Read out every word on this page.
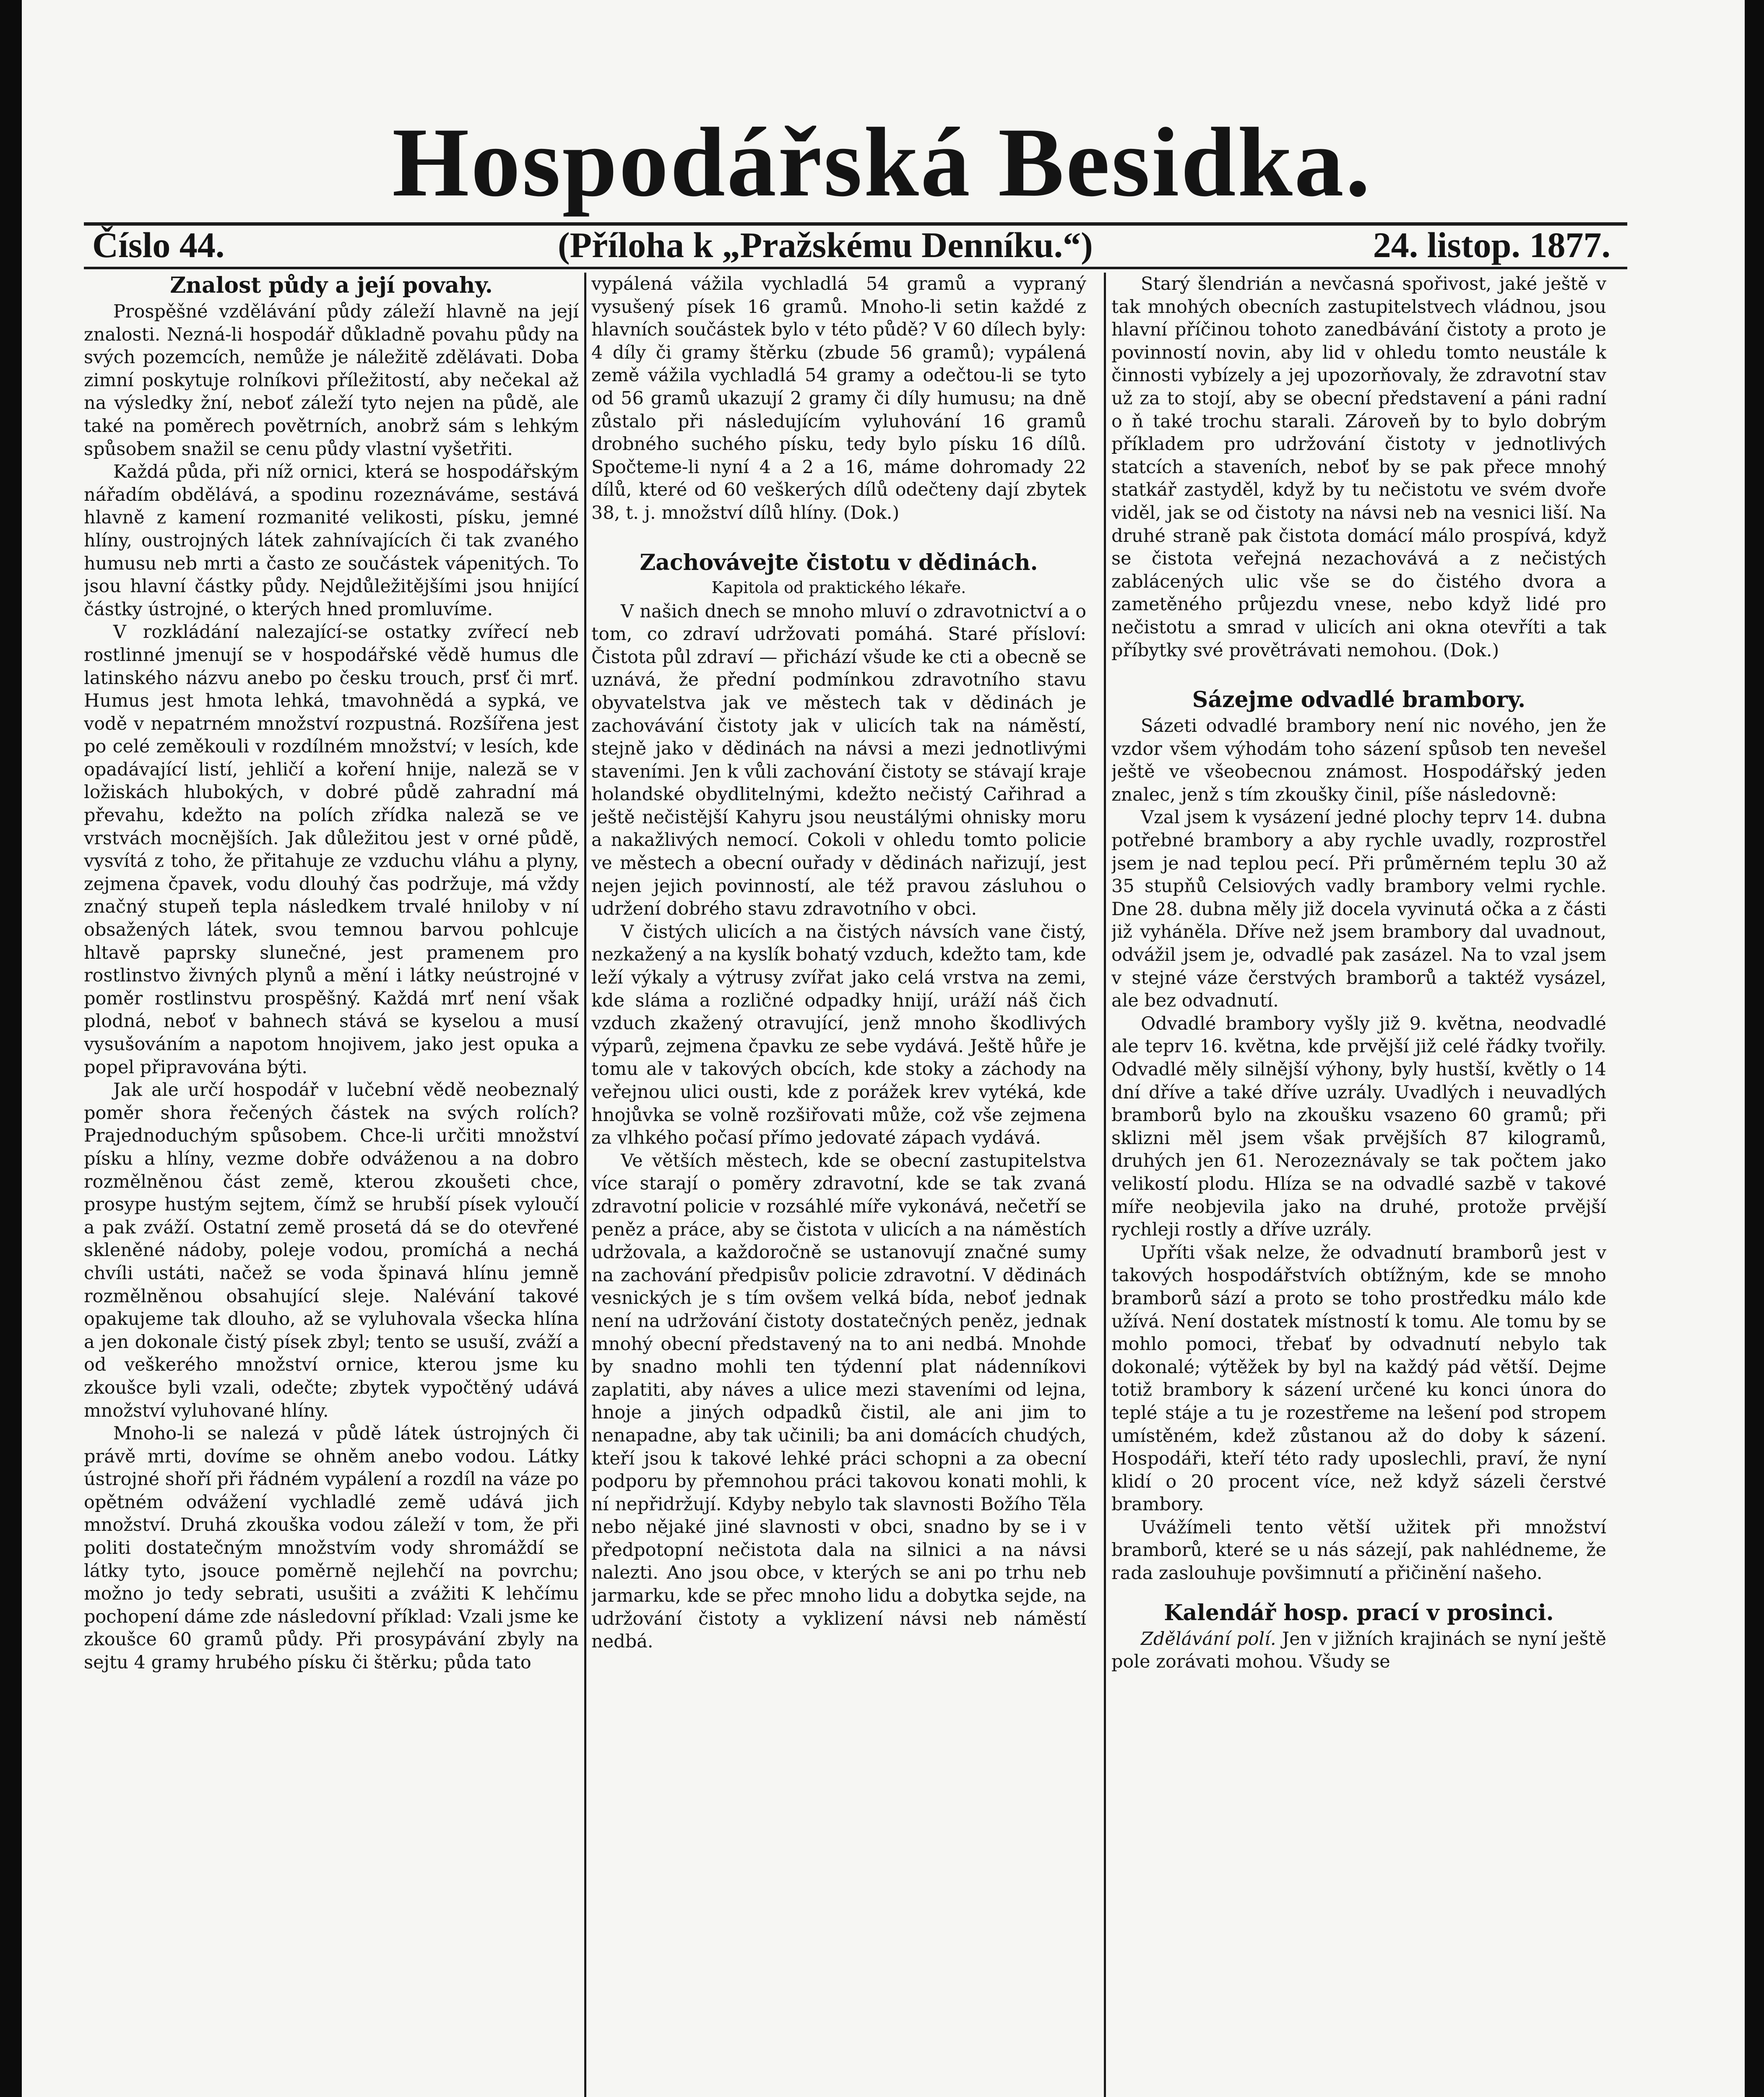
Hospodářská Besidka.
Číslo 44.	(Příloha k „Pražskému Denníku.“)	24. listop. 1877.
Znalost půdy a její povahy.

Prospěšné vzdělávání půdy záleží hlavně na její znalosti. Nezná-li hospodář důkladně povahu půdy na svých pozemcích, nemůže je náležitě zdělávati. Doba zimní poskytuje rolníkovi příležitostí, aby nečekal až na výsledky žní, neboť záleží tyto nejen na půdě, ale také na poměrech povětrních, anobrž sám s lehkým spůsobem snažil se cenu půdy vlastní vyšetřiti.

Každá půda, při níž ornici, která se hospodářským nářadím obdělává, a spodinu rozeznáváme, sestává hlavně z kamení rozmanité velikosti, písku, jemné hlíny, oustrojných látek zahnívajících či tak zvaného humusu neb mrti a často ze součástek vápenitých. To jsou hlavní částky půdy. Nejdůležitějšími jsou hnijící částky ústrojné, o kterých hned promluvíme.

V rozkládání nalezající-se ostatky zvířecí neb rostlinné jmenují se v hospodářské vědě humus dle latinského názvu anebo po česku trouch, prsť či mrť. Humus jest hmota lehká, tmavohnědá a sypká, ve vodě v nepatrném množství rozpustná. Rozšířena jest po celé zeměkouli v rozdílném množství; v lesích, kde opadávající listí, jehličí a koření hnije, naleză se v ložiskách hlubokých, v dobré půdě zahradní má převahu, kdežto na polích zřídka naleză se ve vrstvách mocnějších. Jak důležitou jest v orné půdě, vysvítá z toho, že přitahuje ze vzduchu vláhu a plyny, zejmena čpavek, vodu dlouhý čas podržuje, má vždy značný stupeň tepla následkem trvalé hniloby v ní obsažených látek, svou temnou barvou pohlcuje hltavě paprsky slunečné, jest pramenem pro rostlinstvo živných plynů a mění i látky neústrojné v poměr rostlinstvu prospěšný. Každá mrť není však plodná, neboť v bahnech stává se kyselou a musí vysušováním a napotom hnojivem, jako jest opuka a popel připravována býti.

Jak ale určí hospodář v lučební vědě neobeznalý poměr shora řečených částek na svých rolích? Prajednoduchým spůsobem. Chce-li určiti množství písku a hlíny, vezme dobře odváženou a na dobro rozmělněnou část země, kterou zkoušeti chce, prosype hustým sejtem, čímž se hrubší písek vyloučí a pak zváží. Ostatní země prosetá dá se do otevřené skleněné nádoby, poleje vodou, promíchá a nechá chvíli ustáti, načež se voda špinavá hlínu jemně rozmělněnou obsahující sleje. Nalévání takové opakujeme tak dlouho, až se vyluhovala všecka hlína a jen dokonale čistý písek zbyl; tento se usuší, zváží a od veškerého množství ornice, kterou jsme ku zkoušce byli vzali, odečte; zbytek vypočtěný udává množství vyluhované hlíny.

Mnoho-li se nalezá v půdě látek ústrojných či právě mrti, dovíme se ohněm anebo vodou. Látky ústrojné shoří při řádném vypálení a rozdíl na váze po opětném odvážení vychladlé země udává jich množství. Druhá zkouška vodou záleží v tom, že při politi dostatečným množstvím vody shromáždí se látky tyto, jsouce poměrně nejlehčí na povrchu; možno jo tedy sebrati, usušiti a zvážiti K lehčímu pochopení dáme zde následovní příklad: Vzali jsme ke zkoušce 60 gramů půdy. Při prosypávání zbyly na sejtu 4 gramy hrubého písku či štěrku; půda tato

vypálená vážila vychladlá 54 gramů a vypraný vysušený písek 16 gramů. Mnoho-li setin každé z hlavních součástek bylo v této půdě? V 60 dílech byly: 4 díly či gramy štěrku (zbude 56 gramů); vypálená země vážila vychladlá 54 gramy a odečtou-li se tyto od 56 gramů ukazují 2 gramy či díly humusu; na dně zůstalo při následujícím vyluhování 16 gramů drobného suchého písku, tedy bylo písku 16 dílů. Spočteme-li nyní 4 a 2 a 16, máme dohromady 22 dílů, které od 60 veškerých dílů odečteny dají zbytek 38, t. j. množství dílů hlíny. (Dok.)

Zachovávejte čistotu v dědinách.
Kapitola od praktického lékaře.

V našich dnech se mnoho mluví o zdravotnictví a o tom, co zdraví udržovati pomáhá. Staré přísloví: Čistota půl zdraví — přichází všude ke cti a obecně se uznává, že přední podmínkou zdravotního stavu obyvatelstva jak ve městech tak v dědinách je zachovávání čistoty jak v ulicích tak na náměstí, stejně jako v dědinách na návsi a mezi jednotlivými staveními. Jen k vůli zachování čistoty se stávají kraje holandské obydlitelnými, kdežto nečistý Cařihrad a ještě nečistější Kahyru jsou neustálými ohnisky moru a nakažlivých nemocí. Cokoli v ohledu tomto policie ve městech a obecní ouřady v dědinách nařizují, jest nejen jejich povinností, ale též pravou zásluhou o udržení dobrého stavu zdravotního v obci.

V čistých ulicích a na čistých návsích vane čistý, nezkažený a na kyslík bohatý vzduch, kdežto tam, kde leží výkaly a výtrusy zvířat jako celá vrstva na zemi, kde sláma a rozličné odpadky hnijí, uráží náš čich vzduch zkažený otravující, jenž mnoho škodlivých výparů, zejmena čpavku ze sebe vydává. Ještě hůře je tomu ale v takových obcích, kde stoky a záchody na veřejnou ulici ousti, kde z porážek krev vytéká, kde hnojůvka se volně rozšiřovati může, což vše zejmena za vlhkého počasí přímo jedovaté zápach vydává.

Ve větších městech, kde se obecní zastupitelstva více starají o poměry zdravotní, kde se tak zvaná zdravotní policie v rozsáhlé míře vykonává, nečetří se peněz a práce, aby se čistota v ulicích a na náměstích udržovala, a každoročně se ustanovují značné sumy na zachování předpisův policie zdravotní. V dědinách vesnických je s tím ovšem velká bída, neboť jednak není na udržování čistoty dostatečných peněz, jednak mnohý obecní představený na to ani nedbá. Mnohde by snadno mohli ten týdenní plat nádenníkovi zaplatiti, aby náves a ulice mezi staveními od lejna, hnoje a jiných odpadků čistil, ale ani jim to nenapadne, aby tak učinili; ba ani domácích chudých, kteří jsou k takové lehké práci schopni a za obecní podporu by přemnohou práci takovou konati mohli, k ní nepřidržují. Kdyby nebylo tak slavnosti Božího Těla nebo nějaké jiné slavnosti v obci, snadno by se i v předpotopní nečistota dala na silnici a na návsi nalezti. Ano jsou obce, v kterých se ani po trhu neb jarmarku, kde se přec mnoho lidu a dobytka sejde, na udržování čistoty a vyklizení návsi neb náměstí nedbá.

Starý šlendrián a nevčasná spořivost, jaké ještě v tak mnohých obecních zastupitelstvech vládnou, jsou hlavní příčinou tohoto zanedbávání čistoty a proto je povinností novin, aby lid v ohledu tomto neustále k činnosti vybízely a jej upozorňovaly, že zdravotní stav už za to stojí, aby se obecní představení a páni radní o ň také trochu starali. Zároveň by to bylo dobrým příkladem pro udržování čistoty v jednotlivých statcích a staveních, neboť by se pak přece mnohý statkář zastyděl, když by tu nečistotu ve svém dvoře viděl, jak se od čistoty na návsi neb na vesnici liší. Na druhé straně pak čistota domácí málo prospívá, když se čistota veřejná nezachovává a z nečistých zablácených ulic vše se do čistého dvora a zametěného průjezdu vnese, nebo když lidé pro nečistotu a smrad v ulicích ani okna otevříti a tak příbytky své provětrávati nemohou. (Dok.)

Sázejme odvadlé brambory.

Sázeti odvadlé brambory není nic nového, jen že vzdor všem výhodám toho sázení spůsob ten nevešel ještě ve všeobecnou známost. Hospodářský jeden znalec, jenž s tím zkoušky činil, píše následovně:

Vzal jsem k vysázení jedné plochy teprv 14. dubna potřebné brambory a aby rychle uvadly, rozprostřel jsem je nad teplou pecí. Při průměrném teplu 30 až 35 stupňů Celsiových vadly brambory velmi rychle. Dne 28. dubna měly již docela vyvinutá očka a z části již vyhánělа. Dříve než jsem brambory dal uvadnout, odvážil jsem je, odvadlé pak zasázel. Na to vzal jsem v stejné váze čerstvých bramborů a taktéž vysázel, ale bez odvadnutí.

Odvadlé brambory vyšly již 9. května, neodvadlé ale teprv 16. května, kde prvější již celé řádky tvořily. Odvadlé měly silnější výhony, byly hustší, květly o 14 dní dříve a také dříve uzrály. Uvadlých i neuvadlých bramborů bylo na zkoušku vsazeno 60 gramů; při sklizni měl jsem však prvějších 87 kilogramů, druhých jen 61. Nerozeznávaly se tak počtem jako velikostí plodu. Hlíza se na odvadlé sazbě v takové míře neobjevila jako na druhé, protože prvější rychleji rostly a dříve uzrály.

Upříti však nelze, že odvadnutí bramborů jest v takových hospodářstvích obtížným, kde se mnoho bramborů sází a proto se toho prostředku málo kde užívá. Není dostatek místností k tomu. Ale tomu by se mohlo pomoci, třebať by odvadnutí nebylo tak dokonalé; výtěžek by byl na každý pád větší. Dejme totiž brambory k sázení určené ku konci února do teplé stáje a tu je rozestřeme na lešení pod stropem umístěném, kdež zůstanou až do doby k sázení. Hospodáři, kteří této rady uposlechli, praví, že nyní klidí o 20 procent více, než když sázeli čerstvé brambory.

Uvážímeli tento větší užitek při množství bramborů, které se u nás sázejí, pak nahlédneme, že rada zaslouhuje povšimnutí a přičinění našeho.

Kalendář hosp. prací v prosinci.

Zdělávání polí. Jen v jižních krajinách se nyní ještě pole zorávati mohou. Všudy se
